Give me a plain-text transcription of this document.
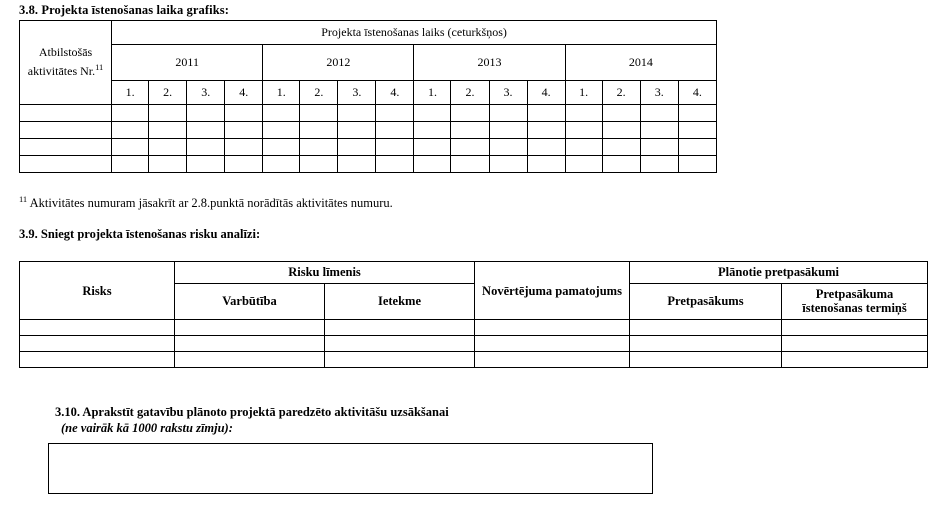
3.8. Projekta īstenošanas laika grafiks:
Atbilstošās aktivitātes Nr.$^{11}$	Projekta īstenošanas laiks (ceturkšņos)															
	2011				2012				2013				2014			
	1.	2.	3.	4.	1.	2.	3.	4.	1.	2.	3.	4.	1.	2.	3.	4.

$^{11}$ Aktivitātes numuram jāsakrīt ar 2.8.punktā norādītās aktivitātes numuru.
3.9. Sniegt projekta īstenošanas risku analīzi:
Risks	Risku līmenis		Novērtējuma pamatojums	Plānotie pretpasākumi	
	Varbūtība	Ietekme		Pretpasākums	Pretpasākuma īstenošanas termiņš

3.10. Aprakstīt gatavību plānoto projektā paredzēto aktivitāšu uzsākšanai
(ne vairāk kā 1000 rakstu zīmju):
